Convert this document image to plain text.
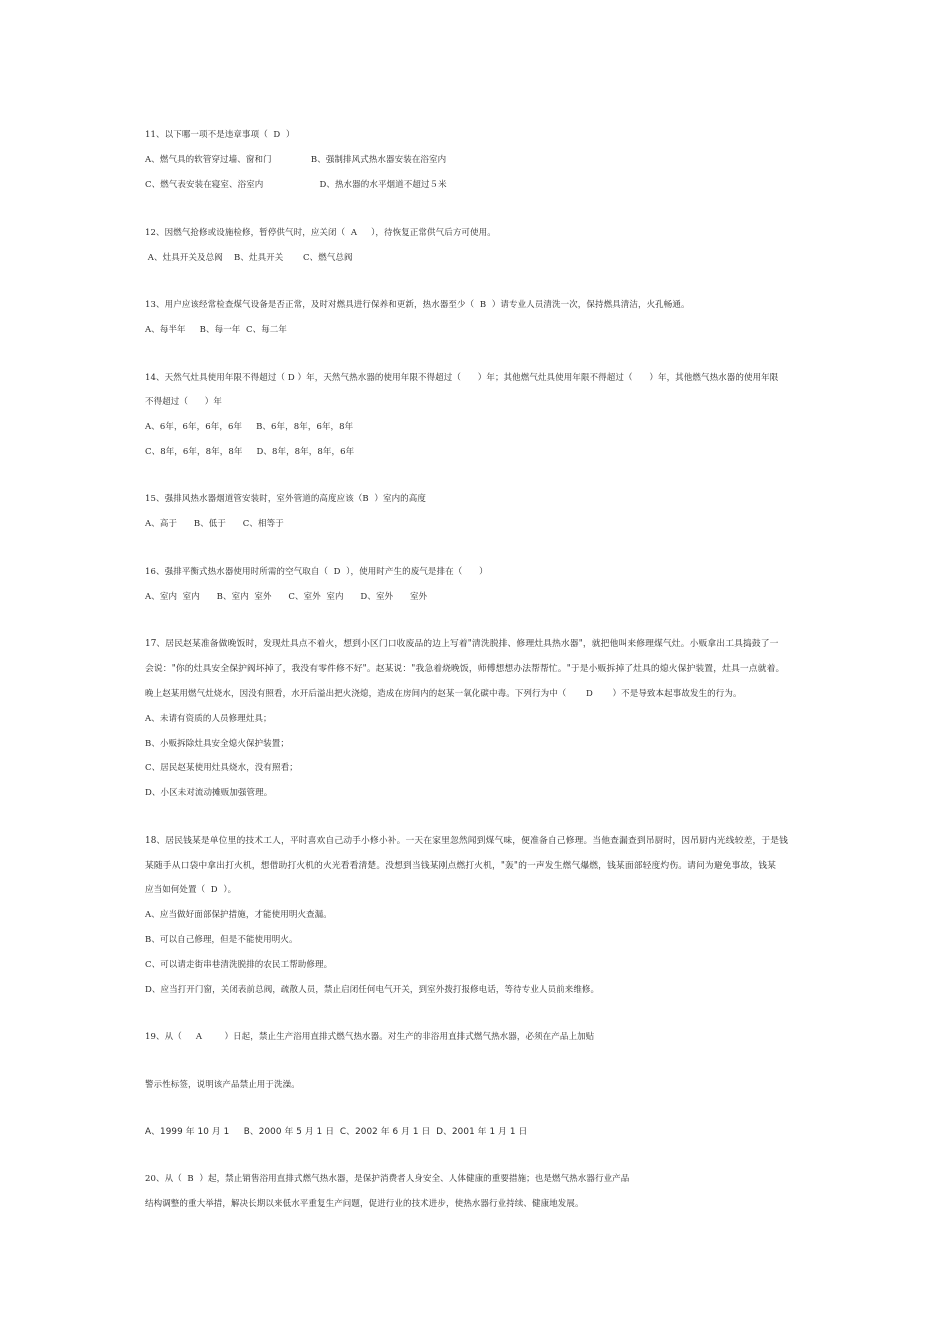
11、以下哪一项不是违章事项（  D  ）

A、燃气具的软管穿过墙、窗和门              B、强制排风式热水器安装在浴室内

C、燃气表安装在寝室、浴室内                    D、热水器的水平烟道不超过５米

12、因燃气抢修或设施检修，暂停供气时，应关闭（  A     ），待恢复正常供气后方可使用。

A、灶具开关及总阀    B、灶具开关       C、燃气总阀

13、用户应该经常检查煤气设备是否正常，及时对燃具进行保养和更新，热水器至少（  B  ）请专业人员清洗一次，保持燃具清洁，火孔畅通。

A、每半年     B、每一年  C、每二年

14、天然气灶具使用年限不得超过（ D ）年，天然气热水器的使用年限不得超过（      ）年；其他燃气灶具使用年限不得超过（      ）年，其他燃气热水器的使用年限

不得超过（      ）年

A、6年，6年，6年，6年     B、6年，8年，6年，8年

C、8年，6年，8年，8年     D、8年，8年，8年，6年

15、强排风热水器烟道管安装时，室外管道的高度应该（B  ）室内的高度

A、高于      B、低于      C、相等于

16、强排平衡式热水器使用时所需的空气取自（  D  ），使用时产生的废气是排在（      ）

A、室内  室内      B、室内  室外      C、室外  室内      D、室外      室外

17、居民赵某准备做晚饭时，发现灶具点不着火，想到小区门口收废品的边上写着"清洗脱排、修理灶具热水器"，就把他叫来修理煤气灶。小贩拿出工具捣鼓了一

会说："你的灶具安全保护阀坏掉了，我没有零件修不好"。赵某说："我急着烧晚饭，师傅想想办法帮帮忙。"于是小贩拆掉了灶具的熄火保护装置，灶具一点就着。

晚上赵某用燃气灶烧水，因没有照看，水开后溢出把火浇熄，造成在房间内的赵某一氧化碳中毒。下列行为中（       D       ）不是导致本起事故发生的行为。

A、未请有资质的人员修理灶具；

B、小贩拆除灶具安全熄火保护装置；

C、居民赵某使用灶具烧水，没有照看；

D、小区未对流动摊贩加强管理。

18、居民钱某是单位里的技术工人，平时喜欢自己动手小修小补。一天在家里忽然闻到煤气味，便准备自己修理。当他查漏查到吊厨时，因吊厨内光线较差，于是钱

某随手从口袋中拿出打火机，想借助打火机的火光看看清楚。没想到当钱某刚点燃打火机，"轰"的一声发生燃气爆燃，钱某面部轻度灼伤。请问为避免事故，钱某

应当如何处置（  D  ）。

A、应当做好面部保护措施，才能使用明火查漏。

B、可以自己修理，但是不能使用明火。

C、可以请走街串巷清洗脱排的农民工帮助修理。

D、应当打开门窗，关闭表前总阀，疏散人员，禁止启闭任何电气开关，到室外拨打报修电话，等待专业人员前来维修。

19、从（     A        ）日起，禁止生产浴用直排式燃气热水器。对生产的非浴用直排式燃气热水器，必须在产品上加贴

警示性标签，说明该产品禁止用于洗澡。

A、1999 年 10 月 1     B、2000 年 5 月 1 日  C、2002 年 6 月 1 日  D、2001 年 1 月 1 日

20、从（  B  ）起，禁止销售浴用直排式燃气热水器，是保护消费者人身安全、人体健康的重要措施；也是燃气热水器行业产品

结构调整的重大举措，解决长期以来低水平重复生产问题，促进行业的技术进步，使热水器行业持续、健康地发展。
